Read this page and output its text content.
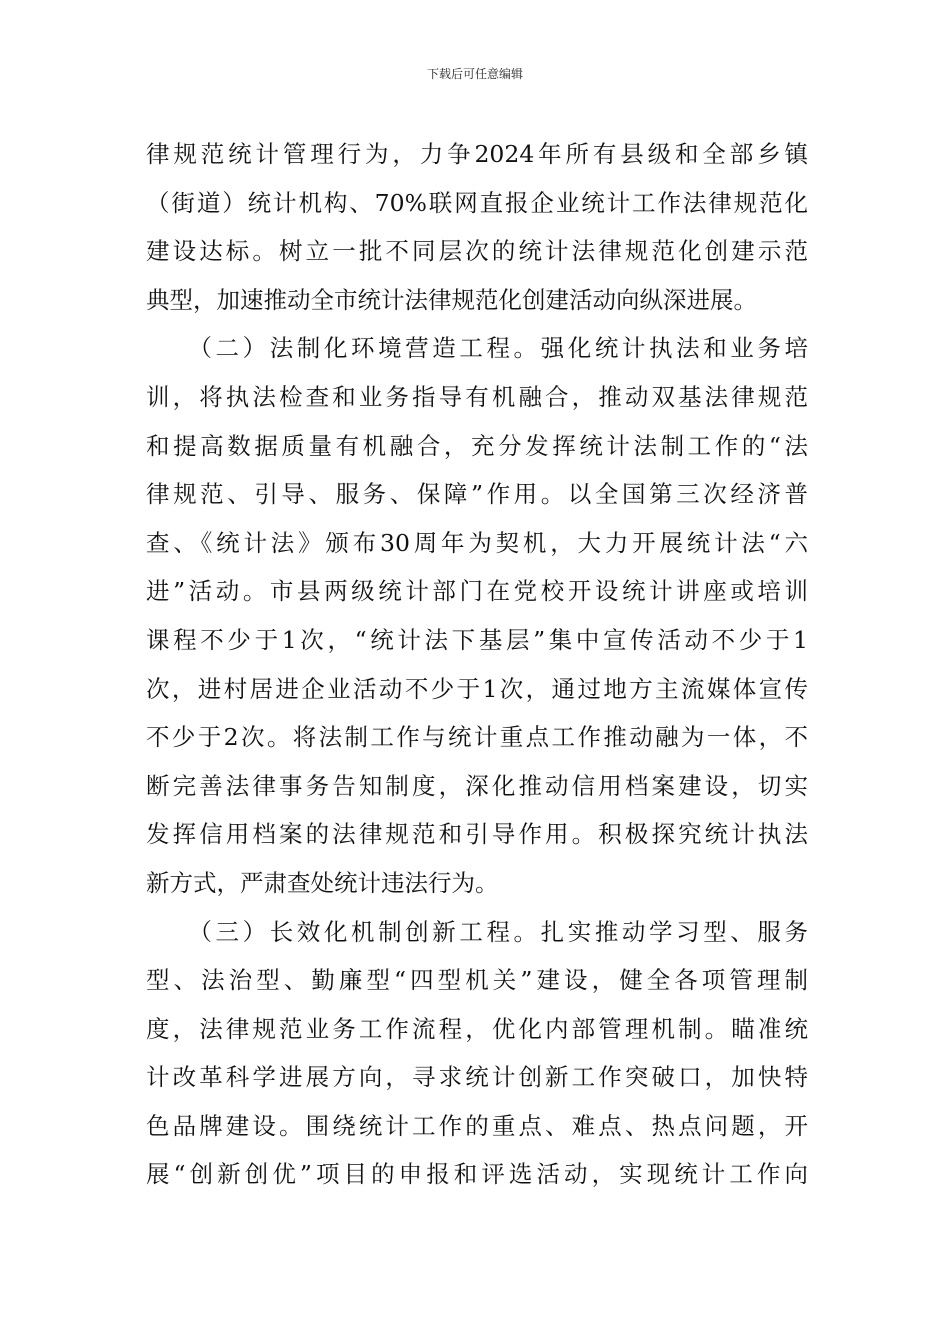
下载后可任意编辑
律规范统计管理行为，力争2024年所有县级和全部乡镇
（街道）统计机构、70%联网直报企业统计工作法律规范化
建设达标。树立一批不同层次的统计法律规范化创建示范
典型，加速推动全市统计法律规范化创建活动向纵深进展。
　　（二）法制化环境营造工程。强化统计执法和业务培
训，将执法检查和业务指导有机融合，推动双基法律规范
和提高数据质量有机融合，充分发挥统计法制工作的“法
律规范、引导、服务、保障”作用。以全国第三次经济普
查、《统计法》颁布30周年为契机，大力开展统计法“六
进”活动。市县两级统计部门在党校开设统计讲座或培训
课程不少于1次，“统计法下基层”集中宣传活动不少于1
次，进村居进企业活动不少于1次，通过地方主流媒体宣传
不少于2次。将法制工作与统计重点工作推动融为一体，不
断完善法律事务告知制度，深化推动信用档案建设，切实
发挥信用档案的法律规范和引导作用。积极探究统计执法
新方式，严肃查处统计违法行为。
　　（三）长效化机制创新工程。扎实推动学习型、服务
型、法治型、勤廉型“四型机关”建设，健全各项管理制
度，法律规范业务工作流程，优化内部管理机制。瞄准统
计改革科学进展方向，寻求统计创新工作突破口，加快特
色品牌建设。围绕统计工作的重点、难点、热点问题，开
展“创新创优”项目的申报和评选活动，实现统计工作向
